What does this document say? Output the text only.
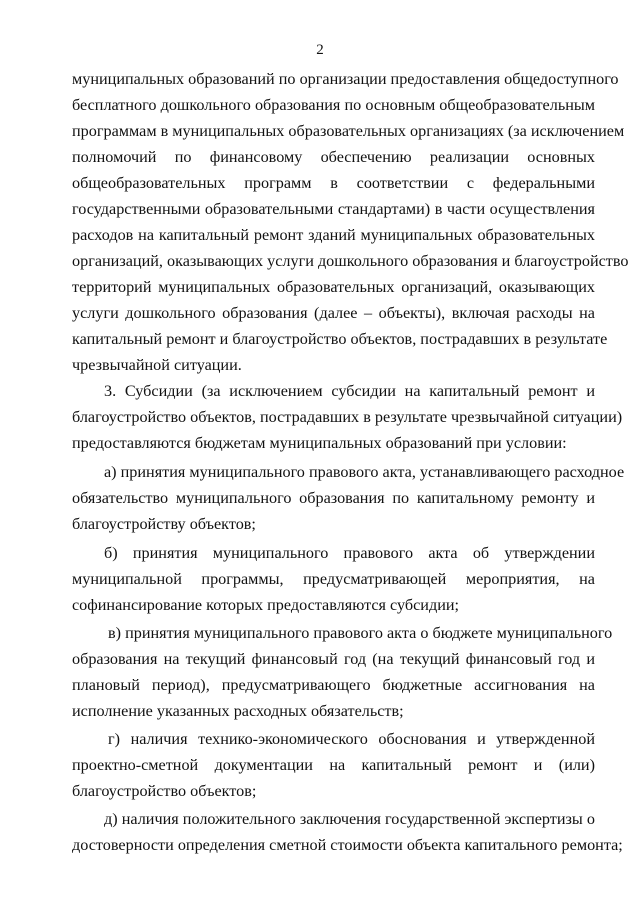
2
муниципальных образований по организации предоставления общедоступного
бесплатного дошкольного образования по основным общеобразовательным
программам в муниципальных образовательных организациях (за исключением
полномочий по финансовому обеспечению реализации основных
общеобразовательных программ в соответствии с федеральными
государственными образовательными стандартами) в части осуществления
расходов на капитальный ремонт зданий муниципальных образовательных
организаций, оказывающих услуги дошкольного образования и благоустройство
территорий муниципальных образовательных организаций, оказывающих
услуги дошкольного образования (далее – объекты), включая расходы на
капитальный ремонт и благоустройство объектов, пострадавших в результате
чрезвычайной ситуации.
3. Субсидии (за исключением субсидии на капитальный ремонт и
благоустройство объектов, пострадавших в результате чрезвычайной ситуации)
предоставляются бюджетам муниципальных образований при условии:
а) принятия муниципального правового акта, устанавливающего расходное
обязательство муниципального образования по капитальному ремонту и
благоустройству объектов;
б) принятия муниципального правового акта об утверждении
муниципальной программы, предусматривающей мероприятия, на
софинансирование которых предоставляются субсидии;
в) принятия муниципального правового акта о бюджете муниципального
образования на текущий финансовый год (на текущий финансовый год и
плановый период), предусматривающего бюджетные ассигнования на
исполнение указанных расходных обязательств;
г) наличия технико-экономического обоснования и утвержденной
проектно-сметной документации на капитальный ремонт и (или)
благоустройство объектов;
д) наличия положительного заключения государственной экспертизы о
достоверности определения сметной стоимости объекта капитального ремонта;
